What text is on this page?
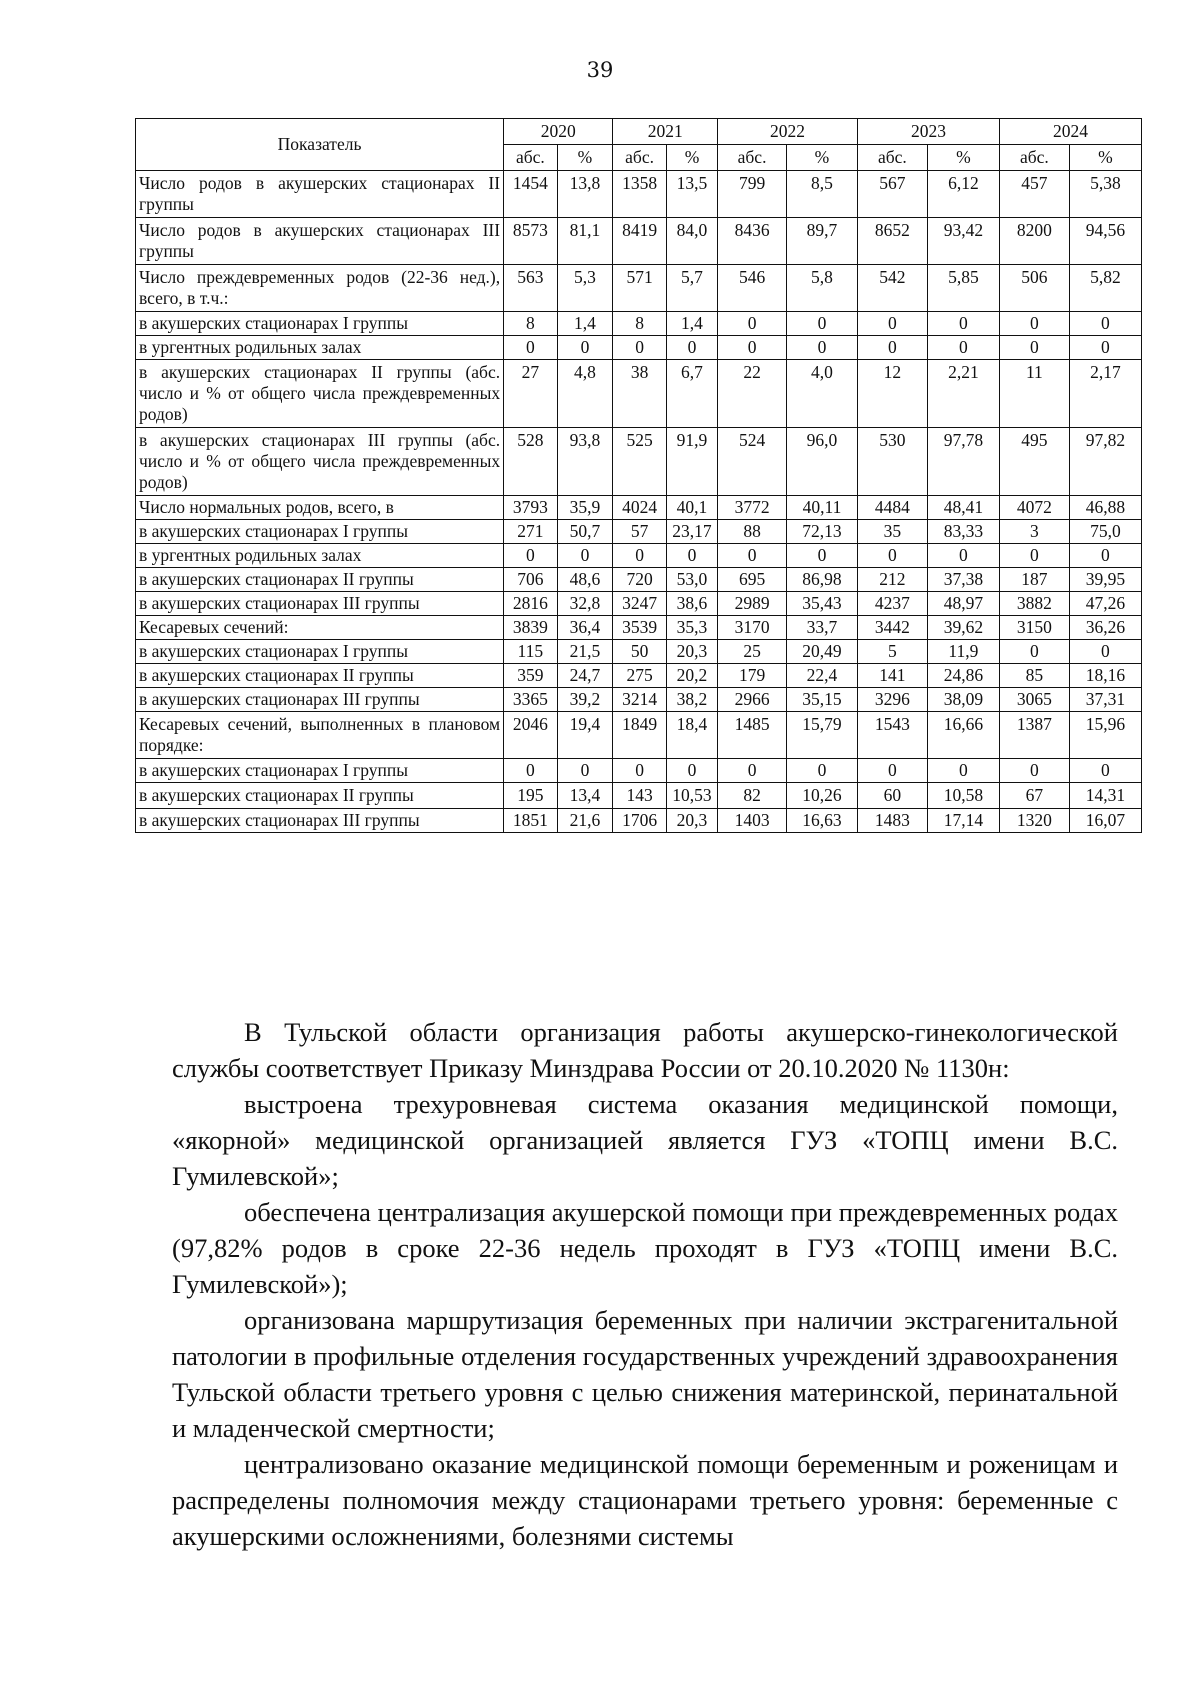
39
Показатель	2020		2021		2022		2023		2024	
	абс.	%	абс.	%	абс.	%	абс.	%	абс.	%
Число родов в акушерских стационарах II группы	1454	13,8	1358	13,5	799	8,5	567	6,12	457	5,38
Число родов в акушерских стационарах III группы	8573	81,1	8419	84,0	8436	89,7	8652	93,42	8200	94,56
Число преждевременных родов (22-36 нед.), всего, в т.ч.:	563	5,3	571	5,7	546	5,8	542	5,85	506	5,82
в акушерских стационарах I группы	8	1,4	8	1,4	0	0	0	0	0	0
в ургентных родильных залах	0	0	0	0	0	0	0	0	0	0
в акушерских стационарах II группы (абс. число и % от общего числа преждевременных родов)	27	4,8	38	6,7	22	4,0	12	2,21	11	2,17
в акушерских стационарах III группы (абс. число и % от общего числа преждевременных родов)	528	93,8	525	91,9	524	96,0	530	97,78	495	97,82
Число нормальных родов, всего, в	3793	35,9	4024	40,1	3772	40,11	4484	48,41	4072	46,88
в акушерских стационарах I группы	271	50,7	57	23,17	88	72,13	35	83,33	3	75,0
в ургентных родильных залах	0	0	0	0	0	0	0	0	0	0
в акушерских стационарах II группы	706	48,6	720	53,0	695	86,98	212	37,38	187	39,95
в акушерских стационарах III группы	2816	32,8	3247	38,6	2989	35,43	4237	48,97	3882	47,26
Кесаревых сечений:	3839	36,4	3539	35,3	3170	33,7	3442	39,62	3150	36,26
в акушерских стационарах I группы	115	21,5	50	20,3	25	20,49	5	11,9	0	0
в акушерских стационарах II группы	359	24,7	275	20,2	179	22,4	141	24,86	85	18,16
в акушерских стационарах III группы	3365	39,2	3214	38,2	2966	35,15	3296	38,09	3065	37,31
Кесаревых сечений, выполненных в плановом порядке:	2046	19,4	1849	18,4	1485	15,79	1543	16,66	1387	15,96
в акушерских стационарах I группы	0	0	0	0	0	0	0	0	0	0
в акушерских стационарах II группы	195	13,4	143	10,53	82	10,26	60	10,58	67	14,31
в акушерских стационарах III группы	1851	21,6	1706	20,3	1403	16,63	1483	17,14	1320	16,07

В Тульской области организация работы акушерско-гинекологической службы соответствует Приказу Минздрава России от 20.10.2020 № 1130н:

выстроена трехуровневая система оказания медицинской помощи, «якорной» медицинской организацией является ГУЗ «ТОПЦ имени В.С. Гумилевской»;

обеспечена централизация акушерской помощи при преждевременных родах (97,82% родов в сроке 22-36 недель проходят в ГУЗ «ТОПЦ имени В.С. Гумилевской»);

организована маршрутизация беременных при наличии экстрагенитальной патологии в профильные отделения государственных учреждений здравоохранения Тульской области третьего уровня с целью снижения материнской, перинатальной и младенческой смертности;

централизовано оказание медицинской помощи беременным и роженицам и распределены полномочия между стационарами третьего уровня: беременные с акушерскими осложнениями, болезнями системы
